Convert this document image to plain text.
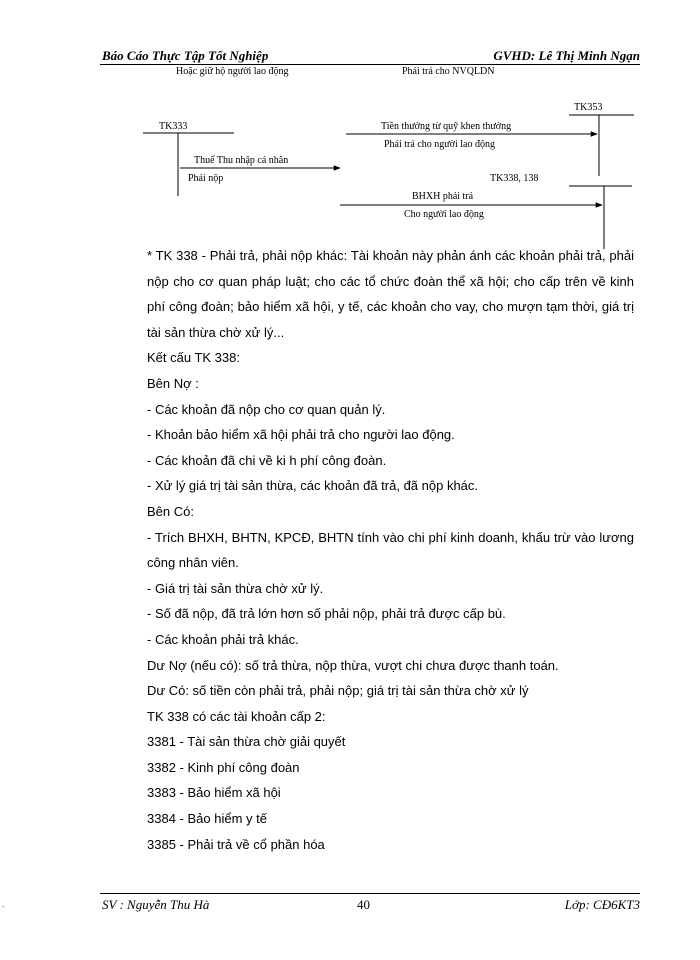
Báo Cáo Thực Tập Tốt Nghiệp	GVHD: Lê Thị Minh Ngạn
Hoặc giữ hộ người lao động	Phải trả cho NVQLDN
TK333
TK353
TK338, 138
Tiền thưởng từ quỹ khen thưởng
Phải trả cho người lao động
Thuế Thu nhập cá nhân
Phải nộp
BHXH phải trả
Cho người lao động

* TK 338 - Phải trả, phải nộp khác: Tài khoản này phản ánh các khoản phải trả, phải nộp cho cơ quan pháp luật; cho các tổ chức đoàn thể xã hội; cho cấp trên về kinh phí công đoàn; bảo hiểm xã hội, y tế, các khoản cho vay, cho mượn tạm thời, giá trị tài sản thừa chờ xử lý...

Kết cấu TK 338:

Bên Nợ :

- Các khoản đã nộp cho cơ quan quản lý.

- Khoản bảo hiểm xã hội phải trả cho người lao động.

- Các khoản đã chi về ki h phí công đoàn.

- Xử lý giá trị tài sản thừa, các khoản đã trả, đã nộp khác.

Bên Có:

- Trích BHXH, BHTN, KPCĐ, BHTN tính vào chi phí kinh doanh, khấu trừ vào lương công nhân viên.

- Giá trị tài sản thừa chờ xử lý.

- Số đã nộp, đã trả lớn hơn số phải nộp, phải trả được cấp bù.

- Các khoản phải trả khác.

Dư Nợ (nếu có): số trả thừa, nộp thừa, vượt chi chưa được thanh toán.

Dư Có: số tiền còn phải trả, phải nộp; giá trị tài sản thừa chờ xử lý

TK 338 có các tài khoản cấp 2:

3381 - Tài sản thừa chờ giải quyết

3382 - Kinh phí công đoàn

3383 - Bảo hiểm xã hội

3384 - Bảo hiểm y tế

3385 - Phải trả về cổ phần hóa

SV : Nguyễn Thu Hà	40	Lớp: CĐ6KT3
-
